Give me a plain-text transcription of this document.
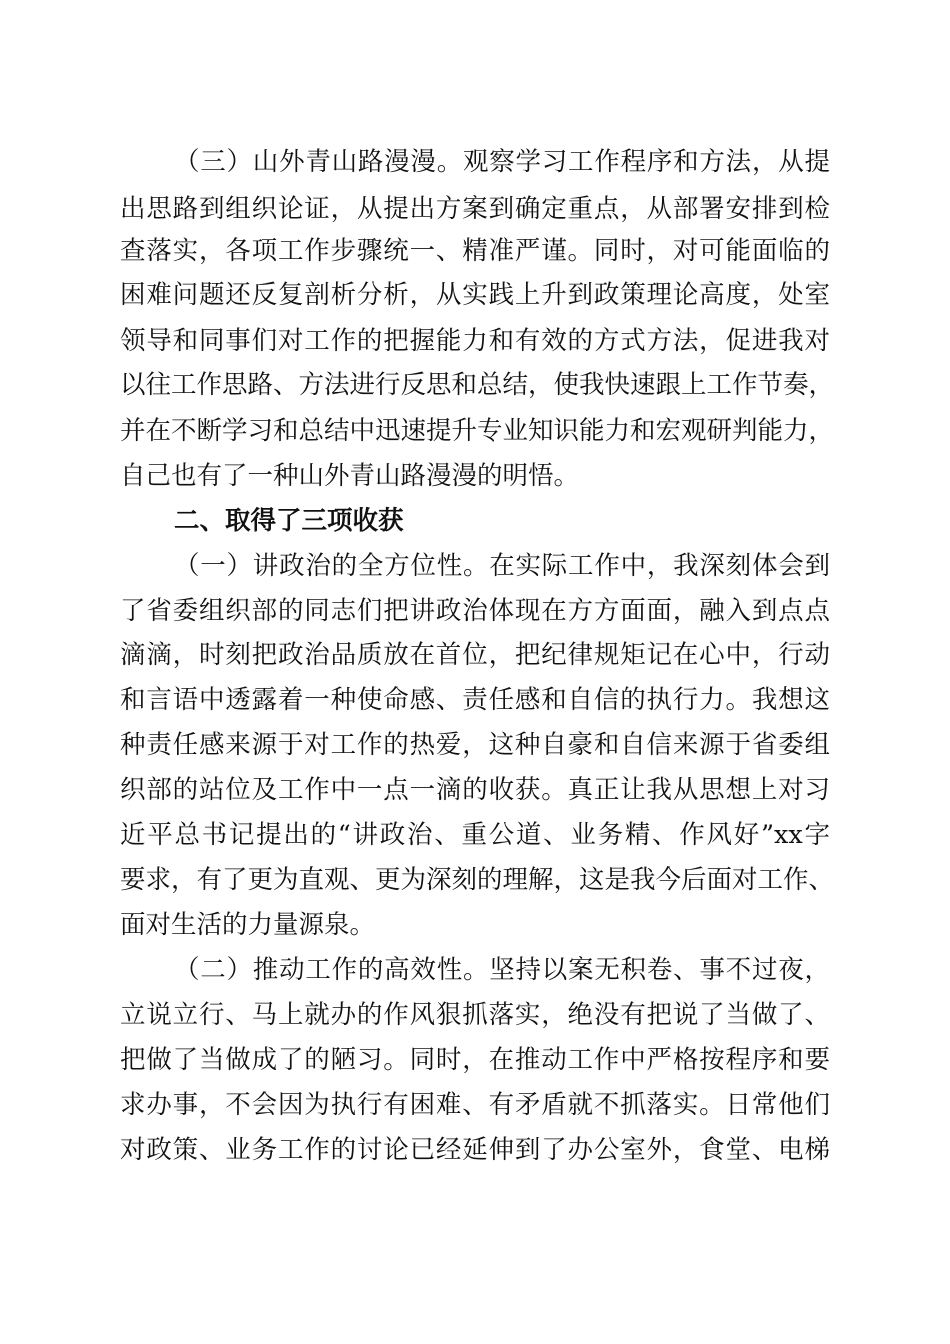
（三）山外青山路漫漫。观察学习工作程序和方法，从提
出思路到组织论证，从提出方案到确定重点，从部署安排到检
查落实，各项工作步骤统一、精准严谨。同时，对可能面临的
困难问题还反复剖析分析，从实践上升到政策理论高度，处室
领导和同事们对工作的把握能力和有效的方式方法，促进我对
以往工作思路、方法进行反思和总结，使我快速跟上工作节奏，
并在不断学习和总结中迅速提升专业知识能力和宏观研判能力，
自己也有了一种山外青山路漫漫的明悟。
二、取得了三项收获
（一）讲政治的全方位性。在实际工作中，我深刻体会到
了省委组织部的同志们把讲政治体现在方方面面，融入到点点
滴滴，时刻把政治品质放在首位，把纪律规矩记在心中，行动
和言语中透露着一种使命感、责任感和自信的执行力。我想这
种责任感来源于对工作的热爱，这种自豪和自信来源于省委组
织部的站位及工作中一点一滴的收获。真正让我从思想上对习
近平总书记提出的“讲政治、重公道、业务精、作风好”xx字
要求，有了更为直观、更为深刻的理解，这是我今后面对工作、
面对生活的力量源泉。
（二）推动工作的高效性。坚持以案无积卷、事不过夜，
立说立行、马上就办的作风狠抓落实，绝没有把说了当做了、
把做了当做成了的陋习。同时，在推动工作中严格按程序和要
求办事，不会因为执行有困难、有矛盾就不抓落实。日常他们
对政策、业务工作的讨论已经延伸到了办公室外，食堂、电梯
